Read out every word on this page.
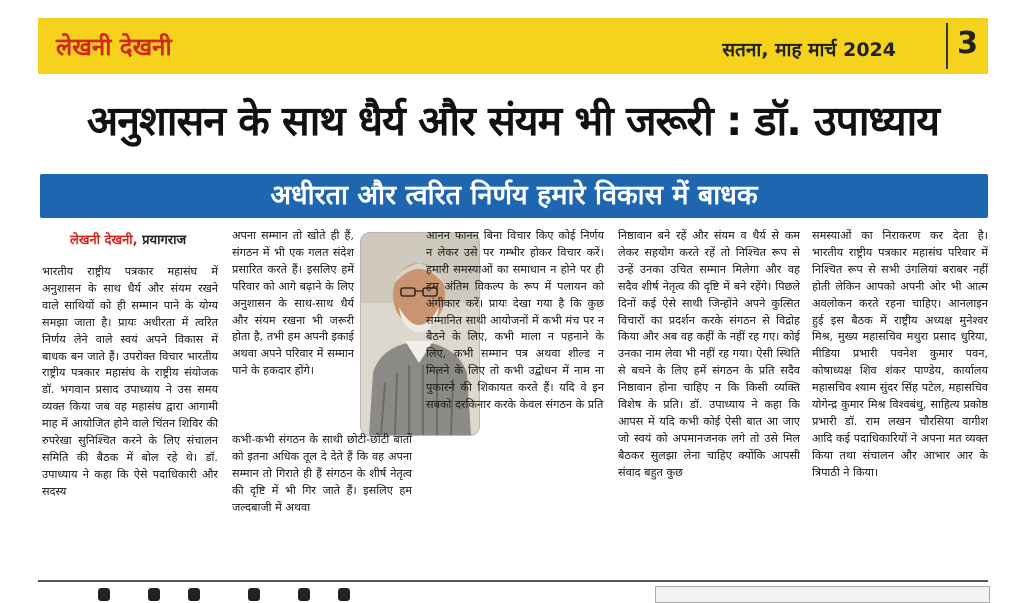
लेखनी देखनी	सतना, माह मार्च 2024 3
अनुशासन के साथ धैर्य और संयम भी जरूरी : डॉ. उपाध्याय
अधीरता और त्वरित निर्णय हमारे विकास में बाधक
लेखनी देखनी, प्रयागराज

भारतीय राष्ट्रीय पत्रकार महासंघ में अनुशासन के साथ धैर्य और संयम रखने वाले साथियों को ही सम्मान पाने के योग्य समझा जाता है। प्रायः अधीरता में त्वरित निर्णय लेने वाले स्वयं अपने विकास में बाधक बन जाते हैं। उपरोक्त विचार भारतीय राष्ट्रीय पत्रकार महासंघ के राष्ट्रीय संयोजक डॉ. भगवान प्रसाद उपाध्याय ने उस समय व्यक्त किया जब वह महासंघ द्वारा आगामी माह में आयोजित होने वाले चिंतन शिविर की रुपरेखा सुनिश्चित करने के लिए संचालन समिति की बैठक में बोल रहे थे। डॉ. उपाध्याय ने कहा कि ऐसे पदाधिकारी और सदस्य

अपना सम्मान तो खोते ही हैं, संगठन में भी एक गलत संदेश प्रसारित करते हैं। इसलिए हमें परिवार को आगे बढ़ाने के लिए अनुशासन के साथ-साथ धैर्य और संयम रखना भी जरूरी होता है, तभी हम अपनी इकाई अथवा अपने परिवार में सम्मान पाने के हकदार होंगे।

कभी-कभी संगठन के साथी छोटी-छोटी बातों को इतना अधिक तूल दे देते हैं कि वह अपना सम्मान तो गिराते ही हैं संगठन के शीर्ष नेतृत्व की दृष्टि में भी गिर जाते हैं। इसलिए हम जल्दबाजी में अथवा

आनन फानन बिना विचार किए कोई निर्णय न लेकर उसे पर गम्भीर होकर विचार करें। हमारी समस्याओं का समाधान न होने पर ही हम अंतिम विकल्प के रूप में पलायन को अंगीकार करें। प्रायः देखा गया है कि कुछ सम्मानित साथी आयोजनों में कभी मंच पर न बैठने के लिए, कभी माला न पहनाने के लिए, कभी सम्मान पत्र अथवा शील्ड न मिलने के लिए तो कभी उद्बोधन में नाम ना पुकारने की शिकायत करते हैं। यदि वे इन सबको दरकिनार करके केवल संगठन के प्रति

निष्ठावान बने रहें और संयम व धैर्य से कम लेकर सहयोग करते रहें तो निश्चित रूप से उन्हें उनका उचित सम्मान मिलेगा और वह सदैव शीर्ष नेतृत्व की दृष्टि में बने रहेंगे। पिछले दिनों कई ऐसे साथी जिन्होंने अपने कुत्सित विचारों का प्रदर्शन करके संगठन से विद्रोह किया और अब वह कहीं के नहीं रह गए। कोई उनका नाम लेवा भी नहीं रह गया। ऐसी स्थिति से बचने के लिए हमें संगठन के प्रति सदैव निष्ठावान होना चाहिए न कि किसी व्यक्ति विशेष के प्रति। डॉ. उपाध्याय ने कहा कि आपस में यदि कभी कोई ऐसी बात आ जाए जो स्वयं को अपमानजनक लगे तो उसे मिल बैठकर सुलझा लेना चाहिए क्योंकि आपसी संवाद बहुत कुछ

समस्याओं का निराकरण कर देता है। भारतीय राष्ट्रीय पत्रकार महासंघ परिवार में निश्चित रूप से सभी उंगलियां बराबर नहीं होती लेकिन आपको अपनी ओर भी आत्म अवलोकन करते रहना चाहिए। आनलाइन हुई इस बैठक में राष्ट्रीय अध्यक्ष मुनेश्वर मिश्र, मुख्य महासचिव मथुरा प्रसाद धुरिया, मीडिया प्रभारी पवनेश कुमार पवन, कोषाध्यक्ष शिव शंकर पाण्डेय, कार्यालय महासचिव श्याम सुंदर सिंह पटेल, महासचिव योगेन्द्र कुमार मिश्र विश्वबंधु, साहित्य प्रकोष्ठ प्रभारी डॉ. राम लखन चौरसिया वागीश आदि कई पदाधिकारियों ने अपना मत व्यक्त किया तथा संचालन और आभार आर के त्रिपाठी ने किया।
